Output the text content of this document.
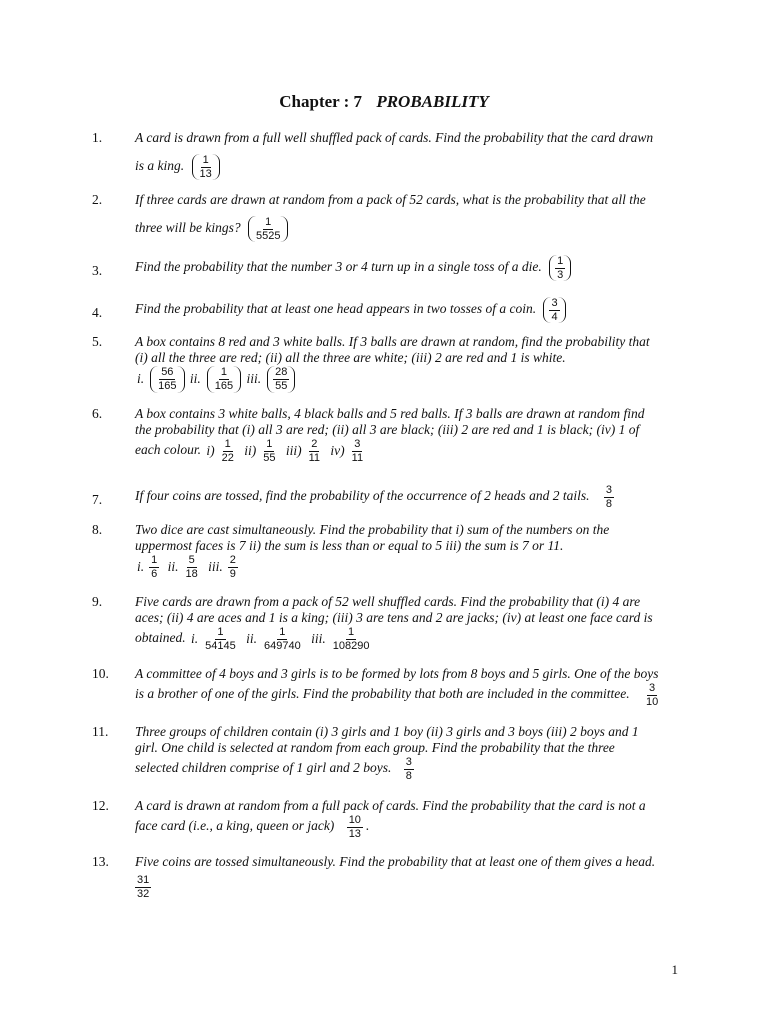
Chapter : 7 PROBABILITY
1. A card is drawn from a full well shuffled pack of cards. Find the probability that the card drawn
is a king. $\frac{1}{13}$
2. If three cards are drawn at random from a pack of 52 cards, what is the probability that all the
three will be kings? $\frac{1}{5525}$
3. Find the probability that the number 3 or 4 turn up in a single toss of a die. $\frac{1}{3}$
4. Find the probability that at least one head appears in two tosses of a coin. $\frac{3}{4}$
5. A box contains 8 red and 3 white balls. If 3 balls are drawn at random, find the probability that
(i) all the three are red; (ii) all the three are white; (iii) 2 are red and 1 is white.
i. $\frac{56}{165}$ ii. $\frac{1}{165}$ iii. $\frac{28}{55}$
6. A box contains 3 white balls, 4 black balls and 5 red balls. If 3 balls are drawn at random find
the probability that (i) all 3 are red; (ii) all 3 are black; (iii) 2 are red and 1 is black; (iv) 1 of
each colour. $i) \frac{1}{22} ii) \frac{1}{55} iii) \frac{2}{11} iv) \frac{3}{11}$
7. If four coins are tossed, find the probability of the occurrence of 2 heads and 2 tails. $\frac{3}{8}$
8. Two dice are cast simultaneously. Find the probability that i) sum of the numbers on the
uppermost faces is 7 ii) the sum is less than or equal to 5 iii) the sum is 7 or 11.
i. $\frac{1}{6}$ ii. $\frac{5}{18}$ iii. $\frac{2}{9}$
9. Five cards are drawn from a pack of 52 well shuffled cards. Find the probability that (i) 4 are
aces; (ii) 4 are aces and 1 is a king; (iii) 3 are tens and 2 are jacks; (iv) at least one face card is
obtained. i. $\frac{1}{54145}$ ii. $\frac{1}{649740}$ iii. $\frac{1}{108290}$
10. A committee of 4 boys and 3 girls is to be formed by lots from 8 boys and 5 girls. One of the boys
is a brother of one of the girls. Find the probability that both are included in the committee. $\frac{3}{10}$
11. Three groups of children contain (i) 3 girls and 1 boy (ii) 3 girls and 3 boys (iii) 2 boys and 1
girl. One child is selected at random from each group. Find the probability that the three
selected children comprise of 1 girl and 2 boys. $\frac{3}{8}$
12. A card is drawn at random from a full pack of cards. Find the probability that the card is not a
face card (i.e., a king, queen or jack) $\frac{10}{13}$ .
13. Five coins are tossed simultaneously. Find the probability that at least one of them gives a head.
$\frac{31}{32}$
1
